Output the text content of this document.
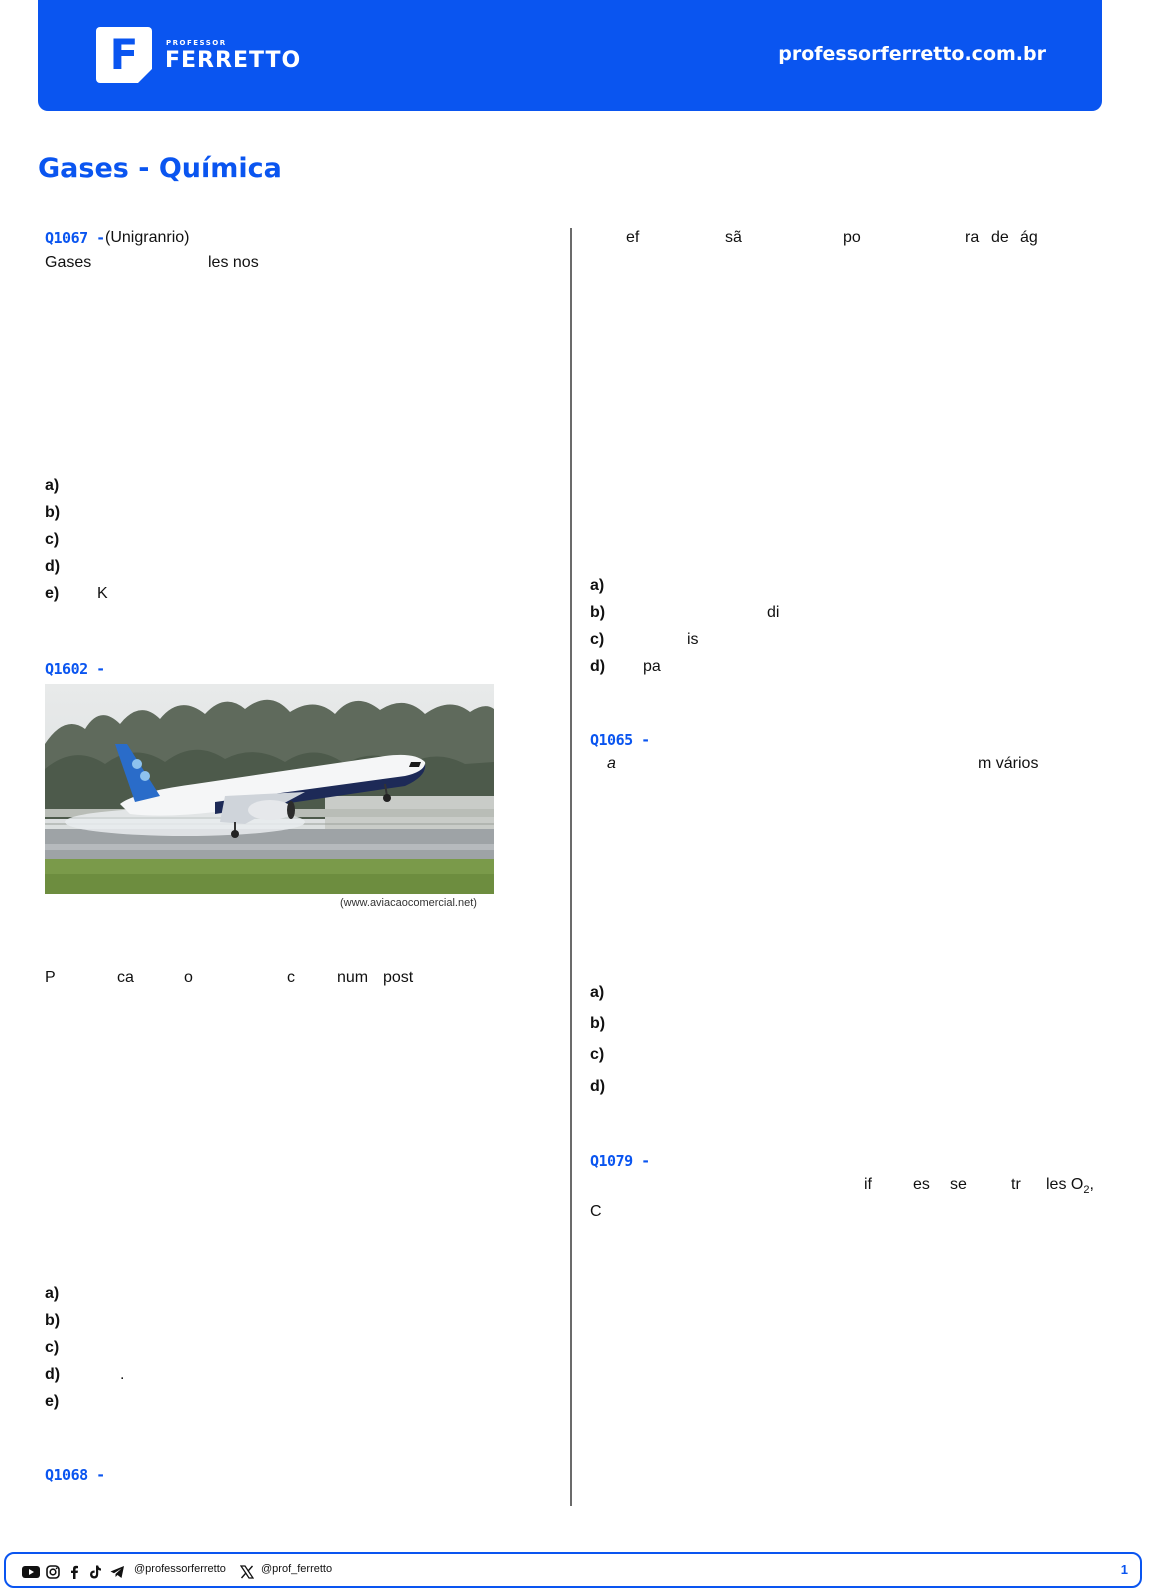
F	PROFESSOR
FERRETTO	professorferretto.com.br
Gases - Química
Q1067 - (Unigranrio)
Gases	les nos
a)
b)
c)
d)
e) K
Q1602 -
(www.aviacaocomercial.net)
P	ca	o	c	num post
a)
b)
c)
d)	.
e)
Q1068 -
ef	sã	po	ra de ág
a)
b)	di
c)	is
d) pa
Q1065 -
a	m vários
a)
b)
c)
d)
Q1079 -
if	es se	tr les $O_2$,
C
@professorferretto	@prof_ferretto	1
